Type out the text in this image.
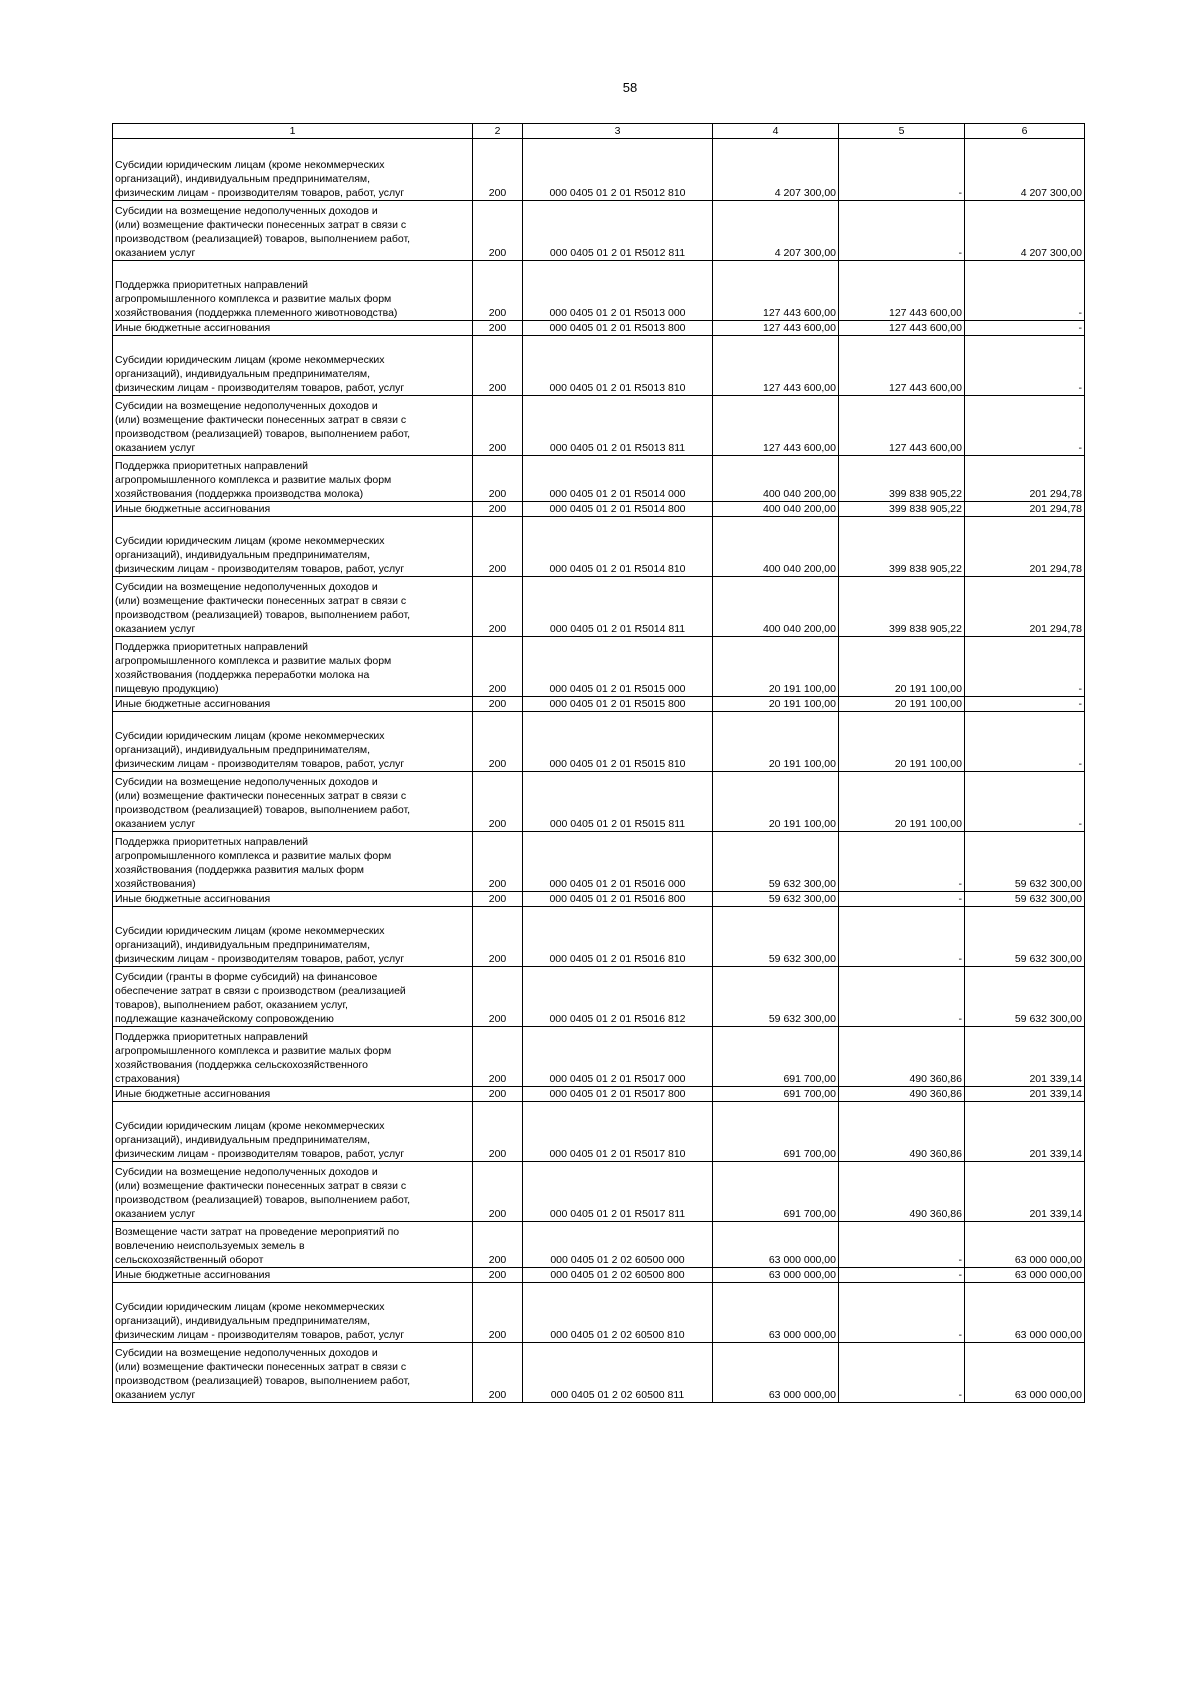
58
1	2	3	4	5	6
Субсидии юридическим лицам (кроме некоммерческих
организаций), индивидуальным предпринимателям,
физическим лицам - производителям товаров, работ, услуг	200	000 0405 01 2 01 R5012 810	4 207 300,00	-	4 207 300,00
Субсидии на возмещение недополученных доходов и
(или) возмещение фактически понесенных затрат в связи с
производством (реализацией) товаров, выполнением работ,
оказанием услуг	200	000 0405 01 2 01 R5012 811	4 207 300,00	-	4 207 300,00
Поддержка приоритетных направлений
агропромышленного комплекса и развитие малых форм
хозяйствования (поддержка племенного животноводства)	200	000 0405 01 2 01 R5013 000	127 443 600,00	127 443 600,00	-
Иные бюджетные ассигнования	200	000 0405 01 2 01 R5013 800	127 443 600,00	127 443 600,00	-
Субсидии юридическим лицам (кроме некоммерческих
организаций), индивидуальным предпринимателям,
физическим лицам - производителям товаров, работ, услуг	200	000 0405 01 2 01 R5013 810	127 443 600,00	127 443 600,00	-
Субсидии на возмещение недополученных доходов и
(или) возмещение фактически понесенных затрат в связи с
производством (реализацией) товаров, выполнением работ,
оказанием услуг	200	000 0405 01 2 01 R5013 811	127 443 600,00	127 443 600,00	-
Поддержка приоритетных направлений
агропромышленного комплекса и развитие малых форм
хозяйствования (поддержка производства молока)	200	000 0405 01 2 01 R5014 000	400 040 200,00	399 838 905,22	201 294,78
Иные бюджетные ассигнования	200	000 0405 01 2 01 R5014 800	400 040 200,00	399 838 905,22	201 294,78
Субсидии юридическим лицам (кроме некоммерческих
организаций), индивидуальным предпринимателям,
физическим лицам - производителям товаров, работ, услуг	200	000 0405 01 2 01 R5014 810	400 040 200,00	399 838 905,22	201 294,78
Субсидии на возмещение недополученных доходов и
(или) возмещение фактически понесенных затрат в связи с
производством (реализацией) товаров, выполнением работ,
оказанием услуг	200	000 0405 01 2 01 R5014 811	400 040 200,00	399 838 905,22	201 294,78
Поддержка приоритетных направлений
агропромышленного комплекса и развитие малых форм
хозяйствования (поддержка переработки молока на
пищевую продукцию)	200	000 0405 01 2 01 R5015 000	20 191 100,00	20 191 100,00	-
Иные бюджетные ассигнования	200	000 0405 01 2 01 R5015 800	20 191 100,00	20 191 100,00	-
Субсидии юридическим лицам (кроме некоммерческих
организаций), индивидуальным предпринимателям,
физическим лицам - производителям товаров, работ, услуг	200	000 0405 01 2 01 R5015 810	20 191 100,00	20 191 100,00	-
Субсидии на возмещение недополученных доходов и
(или) возмещение фактически понесенных затрат в связи с
производством (реализацией) товаров, выполнением работ,
оказанием услуг	200	000 0405 01 2 01 R5015 811	20 191 100,00	20 191 100,00	-
Поддержка приоритетных направлений
агропромышленного комплекса и развитие малых форм
хозяйствования (поддержка развития малых форм
хозяйствования)	200	000 0405 01 2 01 R5016 000	59 632 300,00	-	59 632 300,00
Иные бюджетные ассигнования	200	000 0405 01 2 01 R5016 800	59 632 300,00	-	59 632 300,00
Субсидии юридическим лицам (кроме некоммерческих
организаций), индивидуальным предпринимателям,
физическим лицам - производителям товаров, работ, услуг	200	000 0405 01 2 01 R5016 810	59 632 300,00	-	59 632 300,00
Субсидии (гранты в форме субсидий) на финансовое
обеспечение затрат в связи с производством (реализацией
товаров), выполнением работ, оказанием услуг,
подлежащие казначейскому сопровождению	200	000 0405 01 2 01 R5016 812	59 632 300,00	-	59 632 300,00
Поддержка приоритетных направлений
агропромышленного комплекса и развитие малых форм
хозяйствования (поддержка сельскохозяйственного
страхования)	200	000 0405 01 2 01 R5017 000	691 700,00	490 360,86	201 339,14
Иные бюджетные ассигнования	200	000 0405 01 2 01 R5017 800	691 700,00	490 360,86	201 339,14
Субсидии юридическим лицам (кроме некоммерческих
организаций), индивидуальным предпринимателям,
физическим лицам - производителям товаров, работ, услуг	200	000 0405 01 2 01 R5017 810	691 700,00	490 360,86	201 339,14
Субсидии на возмещение недополученных доходов и
(или) возмещение фактически понесенных затрат в связи с
производством (реализацией) товаров, выполнением работ,
оказанием услуг	200	000 0405 01 2 01 R5017 811	691 700,00	490 360,86	201 339,14
Возмещение части затрат на проведение мероприятий по
вовлечению неиспользуемых земель в
сельскохозяйственный оборот	200	000 0405 01 2 02 60500 000	63 000 000,00	-	63 000 000,00
Иные бюджетные ассигнования	200	000 0405 01 2 02 60500 800	63 000 000,00	-	63 000 000,00
Субсидии юридическим лицам (кроме некоммерческих
организаций), индивидуальным предпринимателям,
физическим лицам - производителям товаров, работ, услуг	200	000 0405 01 2 02 60500 810	63 000 000,00	-	63 000 000,00
Субсидии на возмещение недополученных доходов и
(или) возмещение фактически понесенных затрат в связи с
производством (реализацией) товаров, выполнением работ,
оказанием услуг	200	000 0405 01 2 02 60500 811	63 000 000,00	-	63 000 000,00
